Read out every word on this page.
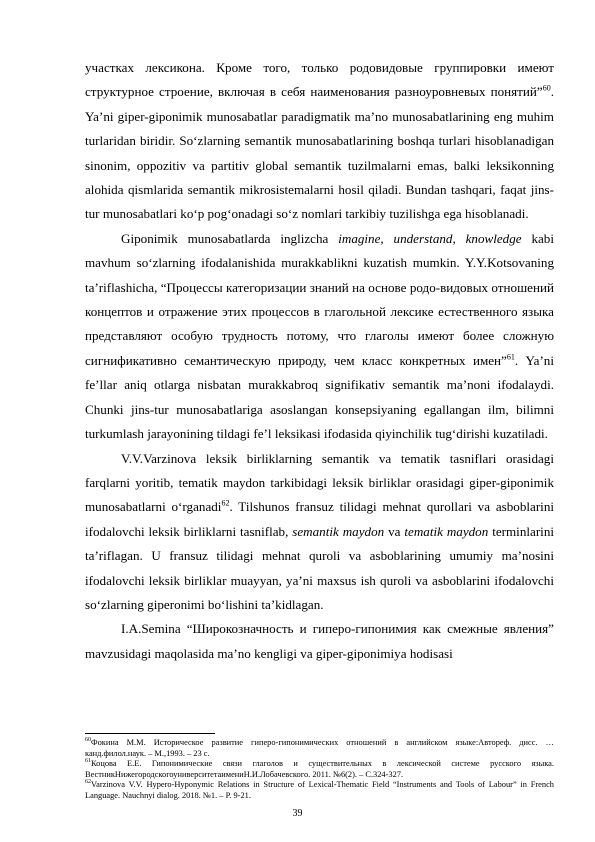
участках лексикона. Кроме того, только родовидовые группировки имеют структурное строение, включая в себя наименования разноуровневых понятий”$^{60}$. Ya’ni giper-giponimik munosabatlar paradigmatik ma’no munosabatlarining eng muhim turlaridan biridir. So‘zlarning semantik munosabatlarining boshqa turlari hisoblanadigan sinonim, oppozitiv va partitiv global semantik tuzilmalarni emas, balki leksikonning alohida qismlarida semantik mikrosistemalarni hosil qiladi. Bundan tashqari, faqat jins-tur munosabatlari ko‘p pog‘onadagi so‘z nomlari tarkibiy tuzilishga ega hisoblanadi.

Giponimik munosabatlarda inglizcha imagine, understand, knowledge kabi mavhum so‘zlarning ifodalanishida murakkablikni kuzatish mumkin. Y.Y.Kotsovaning ta’riflashicha, “Процессы категоризации знаний на основе родо-видовых отношений концептов и отражение этих процессов в глагольной лексике естественного языка представляют особую трудность потому, что глаголы имеют более сложную сигнификативно семантическую природу, чем класс конкретных имен”$^{61}$. Ya’ni fe’llar aniq otlarga nisbatan murakkabroq signifikativ semantik ma’noni ifodalaydi. Chunki jins-tur munosabatlariga asoslangan konsepsiyaning egallangan ilm, bilimni turkumlash jarayonining tildagi fe’l leksikasi ifodasida qiyinchilik tug‘dirishi kuzatiladi.

V.V.Varzinova leksik birliklarning semantik va tematik tasniflari orasidagi farqlarni yoritib, tematik maydon tarkibidagi leksik birliklar orasidagi giper-giponimik munosabatlarni o‘rganadi$^{62}$. Tilshunos fransuz tilidagi mehnat qurollari va asboblarini ifodalovchi leksik birliklarni tasniflab, semantik maydon va tematik maydon terminlarini ta’riflagan. U fransuz tilidagi mehnat quroli va asboblarining umumiy ma’nosini ifodalovchi leksik birliklar muayyan, ya’ni maxsus ish quroli va asboblarini ifodalovchi so‘zlarning giperonimi bo‘lishini ta’kidlagan.

I.A.Semina “Широкозначность и гиперо-гипонимия как смежные явления” mavzusidagi maqolasida ma’no kengligi va giper-giponimiya hodisasi

$^{60}$Фокина М.М. Историческое развитие гиперо-гипонимических отношений в английском языке:Автореф. дисс. …канд.филол.наук. – М.,1993. – 23 с.

$^{61}$Коцова Е.Е. Гипонимические связи глаголов и существительных в лексической системе русского языка. ВестникНижегородскогоуниверситетаимениН.И.Лобачевского. 2011. №6(2). – С.324-327.

$^{62}$Varzinova V.V. Hypero-Hyponymic Relations in Structure of Lexical-Thematic Field “Instruments and Tools of Labour” in French Language. Nauchnyi dialog. 2018. №1. – P. 9-21.

39
